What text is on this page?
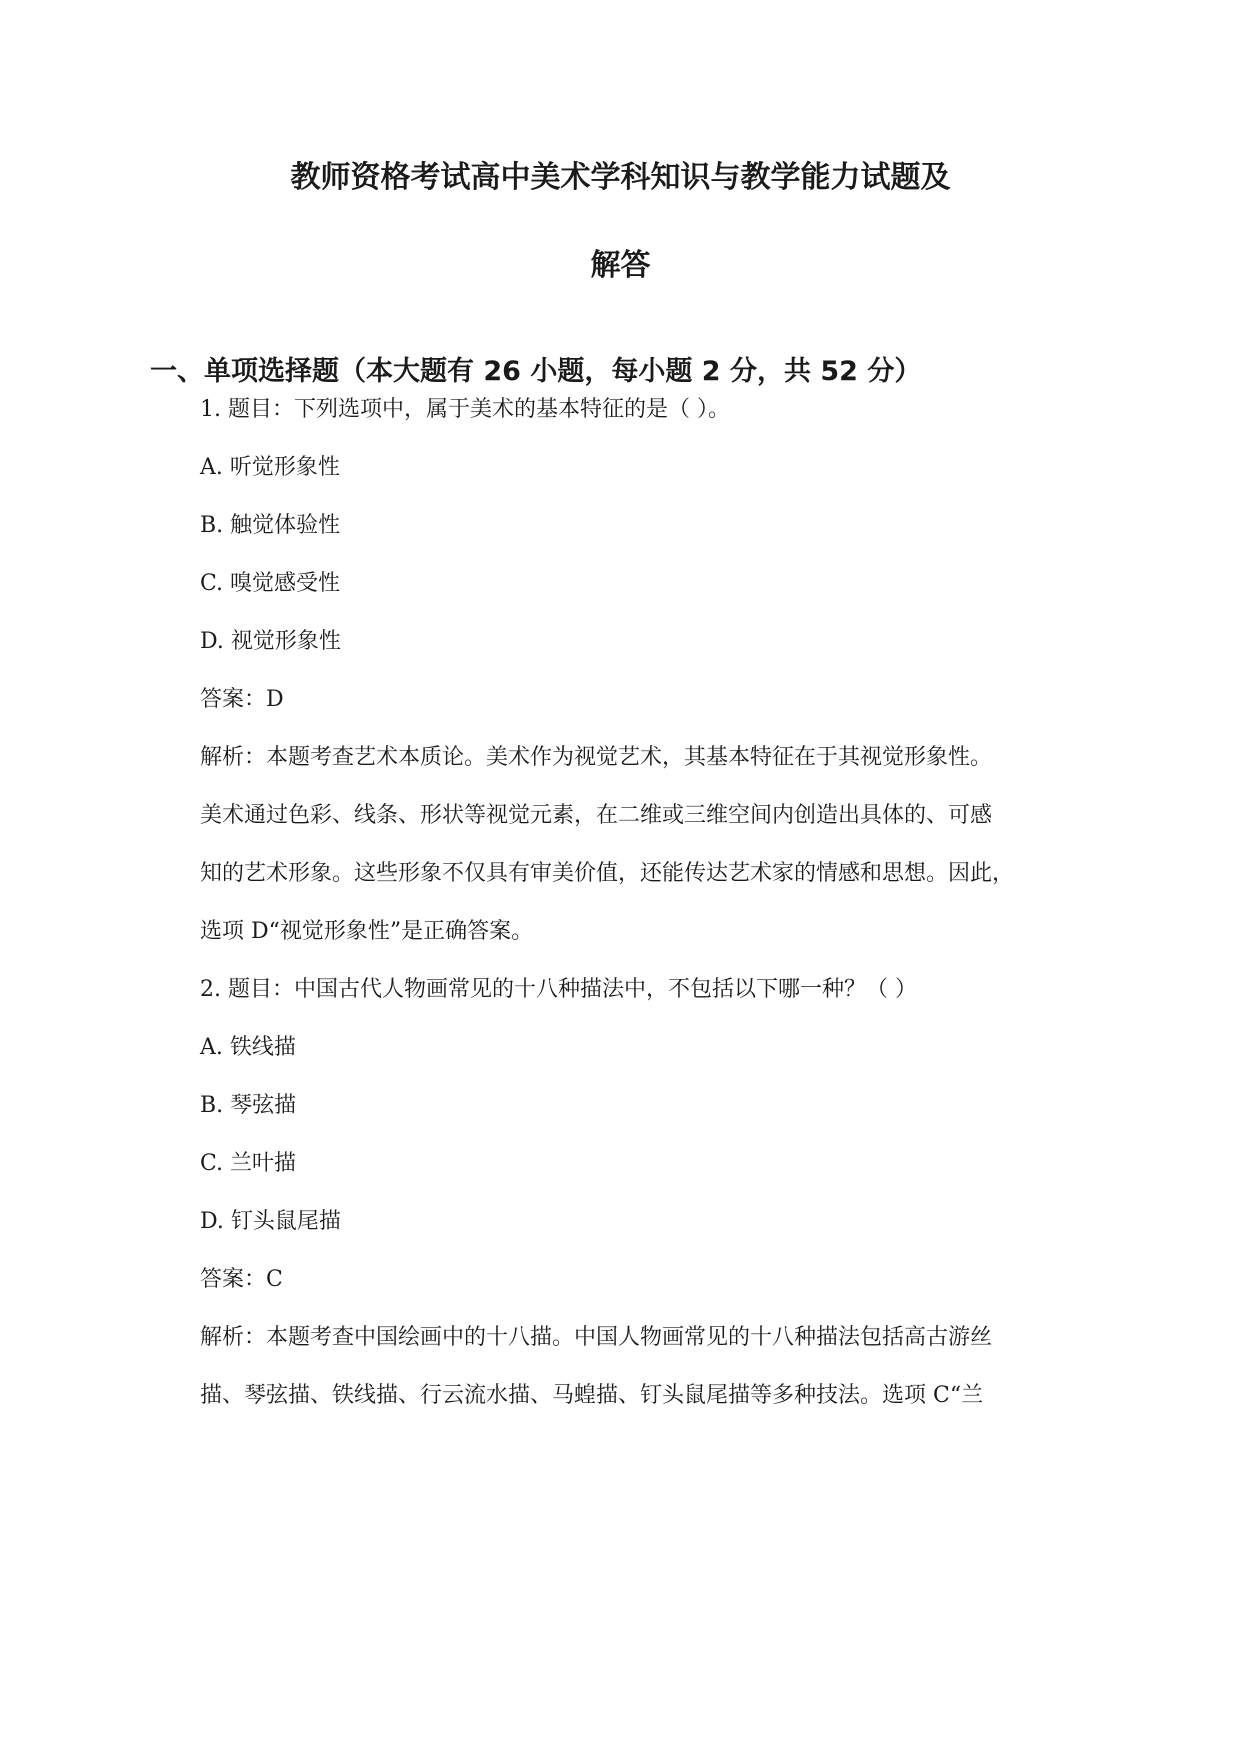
教师资格考试高中美术学科知识与教学能力试题及
解答
一、单项选择题（本大题有 26 小题，每小题 2 分，共 52 分）
1. 题目：下列选项中，属于美术的基本特征的是（ ）。
A. 听觉形象性
B. 触觉体验性
C. 嗅觉感受性
D. 视觉形象性
答案：D
解析：本题考查艺术本质论。美术作为视觉艺术，其基本特征在于其视觉形象性。
美术通过色彩、线条、形状等视觉元素，在二维或三维空间内创造出具体的、可感
知的艺术形象。这些形象不仅具有审美价值，还能传达艺术家的情感和思想。因此，
选项 D“视觉形象性”是正确答案。
2. 题目：中国古代人物画常见的十八种描法中，不包括以下哪一种？（ ）
A. 铁线描
B. 琴弦描
C. 兰叶描
D. 钉头鼠尾描
答案：C
解析：本题考查中国绘画中的十八描。中国人物画常见的十八种描法包括高古游丝
描、琴弦描、铁线描、行云流水描、马蝗描、钉头鼠尾描等多种技法。选项 C“兰
